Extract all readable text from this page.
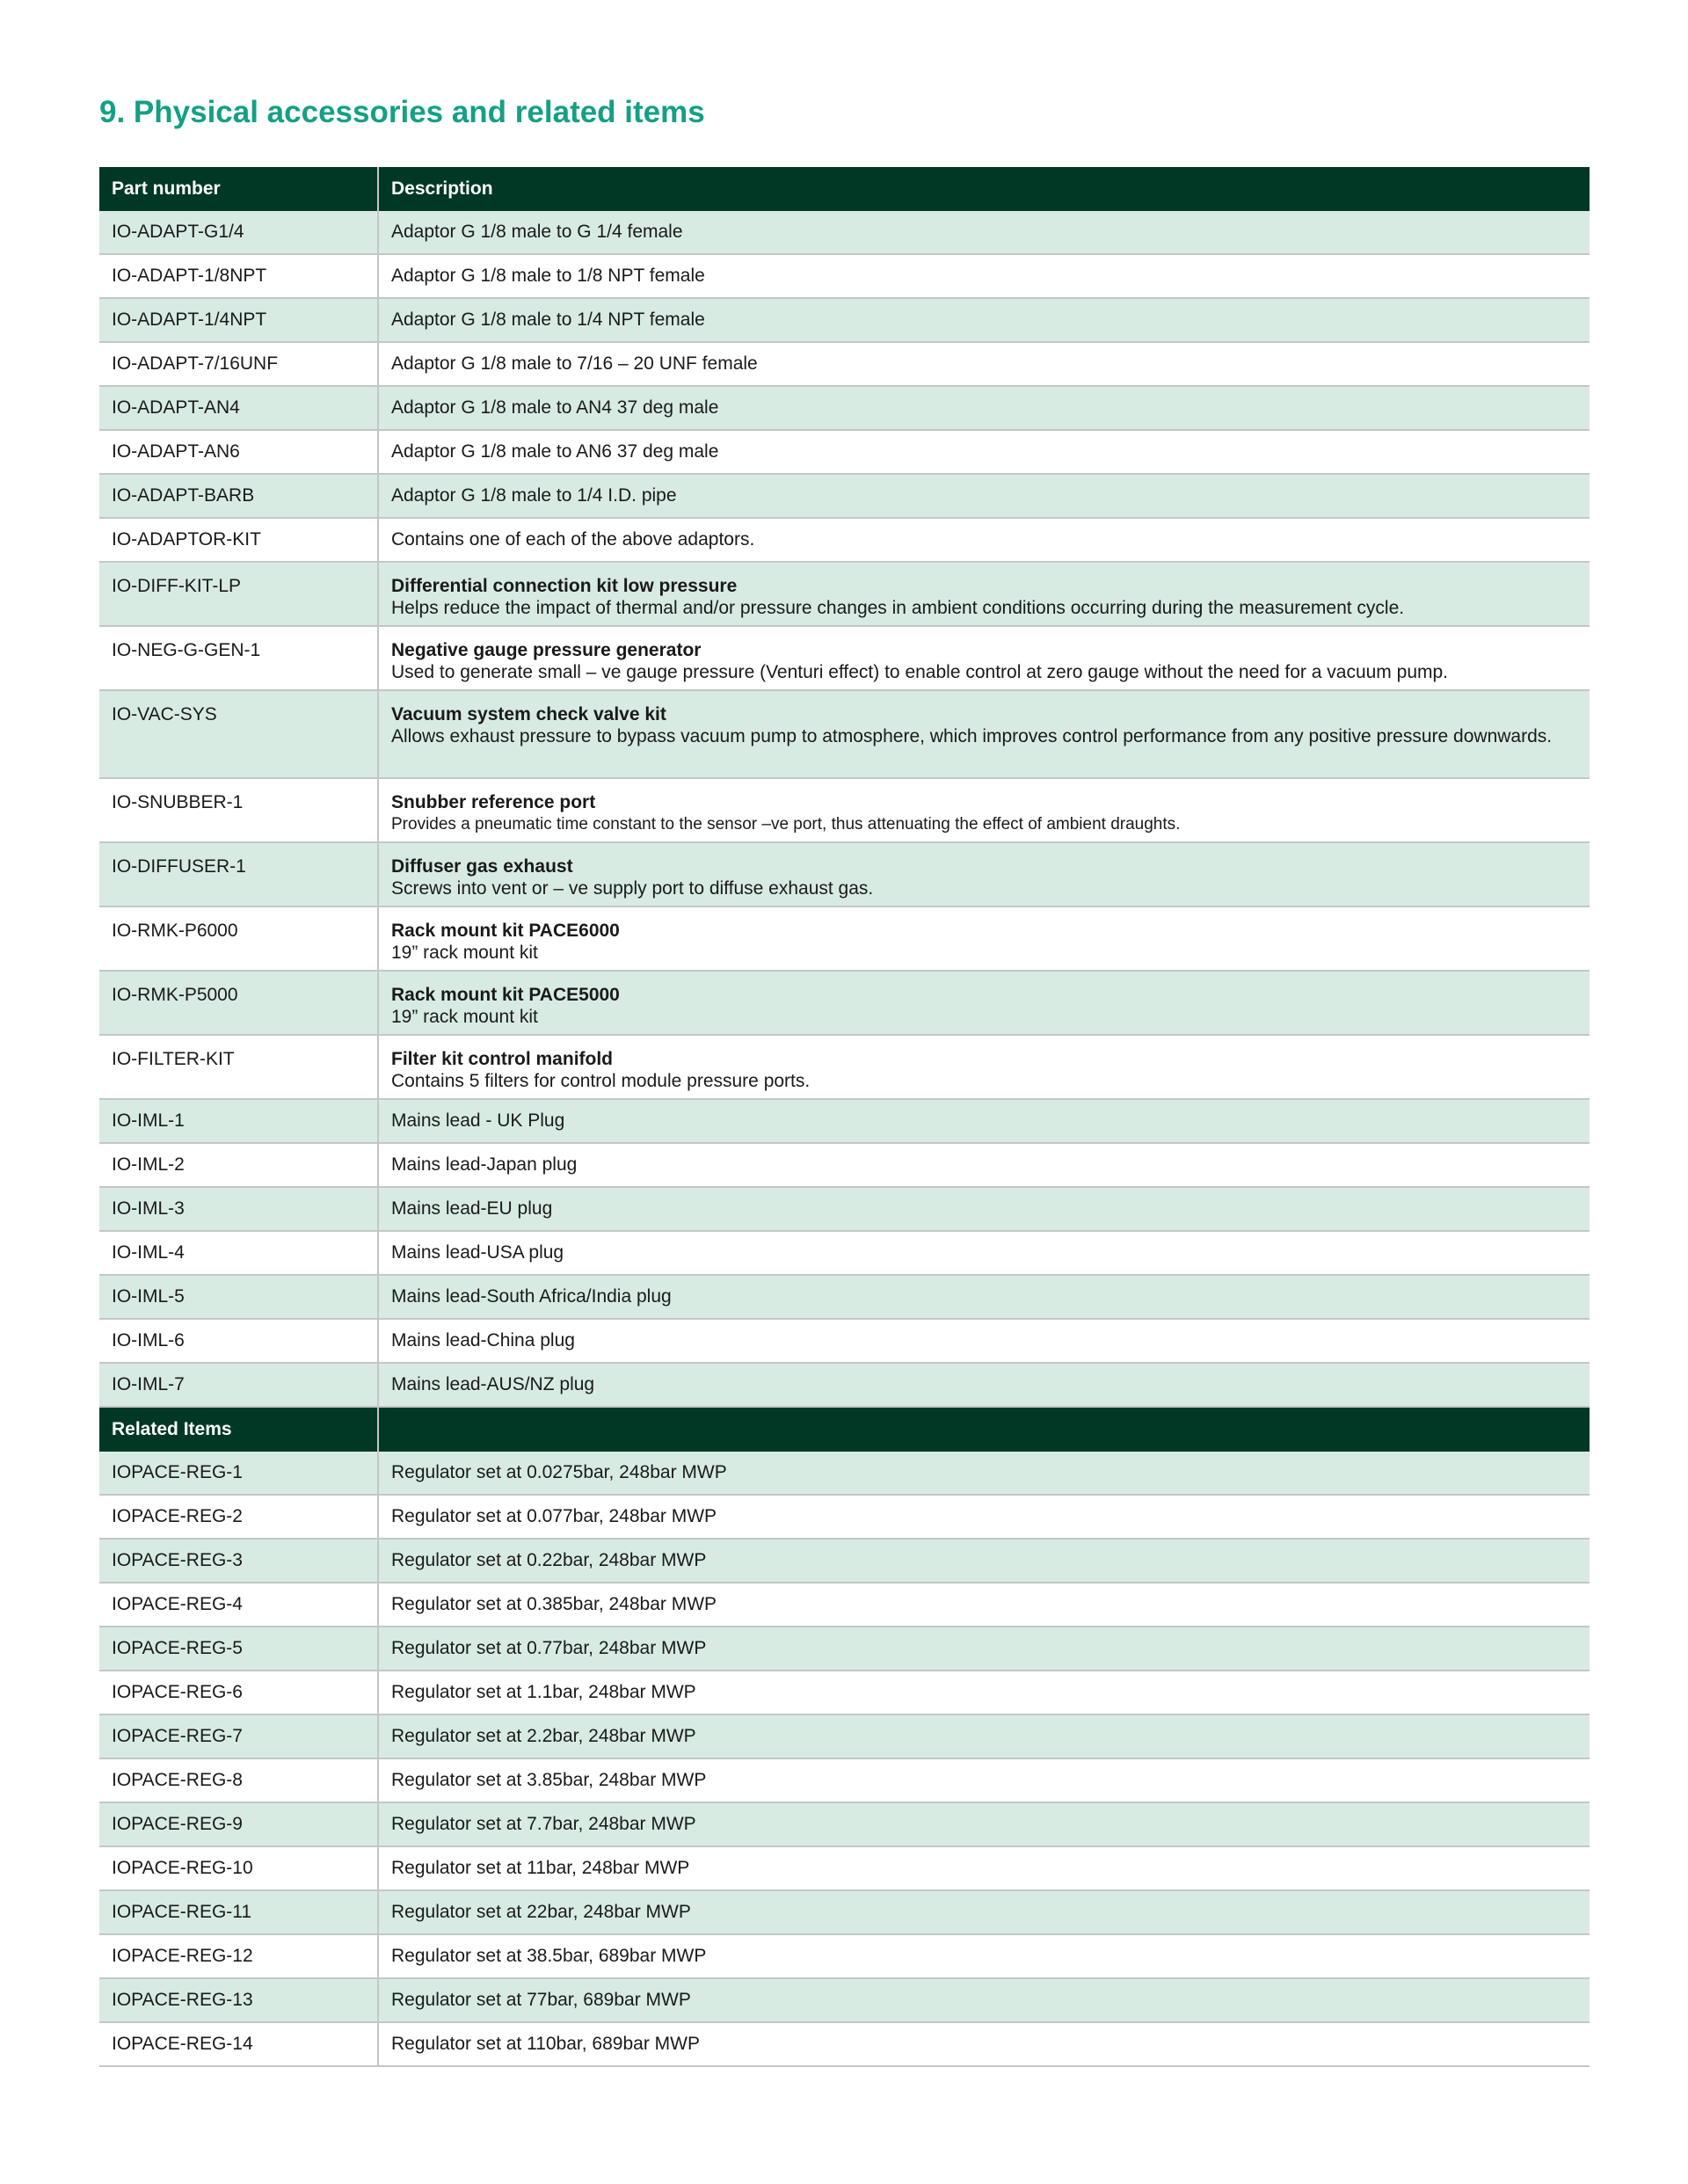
9. Physical accessories and related items
Part number	Description
IO-ADAPT-G1/4	Adaptor G 1/8 male to G 1/4 female
IO-ADAPT-1/8NPT	Adaptor G 1/8 male to 1/8 NPT female
IO-ADAPT-1/4NPT	Adaptor G 1/8 male to 1/4 NPT female
IO-ADAPT-7/16UNF	Adaptor G 1/8 male to 7/16 – 20 UNF female
IO-ADAPT-AN4	Adaptor G 1/8 male to AN4 37 deg male
IO-ADAPT-AN6	Adaptor G 1/8 male to AN6 37 deg male
IO-ADAPT-BARB	Adaptor G 1/8 male to 1/4 I.D. pipe
IO-ADAPTOR-KIT	Contains one of each of the above adaptors.
IO-DIFF-KIT-LP	Differential connection kit low pressure
Helps reduce the impact of thermal and/or pressure changes in ambient conditions occurring during the measurement cycle.

IO-NEG-G-GEN-1	Negative gauge pressure generator
Used to generate small – ve gauge pressure (Venturi effect) to enable control at zero gauge without the need for a vacuum pump.

IO-VAC-SYS	Vacuum system check valve kit
Allows exhaust pressure to bypass vacuum pump to atmosphere, which improves control performance from any positive pressure downwards.

IO-SNUBBER-1	Snubber reference port
Provides a pneumatic time constant to the sensor –ve port, thus attenuating the effect of ambient draughts.

IO-DIFFUSER-1	Diffuser gas exhaust
Screws into vent or – ve supply port to diffuse exhaust gas.

IO-RMK-P6000	Rack mount kit PACE6000
19” rack mount kit

IO-RMK-P5000	Rack mount kit PACE5000
19” rack mount kit

IO-FILTER-KIT	Filter kit control manifold
Contains 5 filters for control module pressure ports.

IO-IML-1	Mains lead - UK Plug
IO-IML-2	Mains lead-Japan plug
IO-IML-3	Mains lead-EU plug
IO-IML-4	Mains lead-USA plug
IO-IML-5	Mains lead-South Africa/India plug
IO-IML-6	Mains lead-China plug
IO-IML-7	Mains lead-AUS/NZ plug
Related Items	
IOPACE-REG-1	Regulator set at 0.0275bar, 248bar MWP
IOPACE-REG-2	Regulator set at 0.077bar, 248bar MWP
IOPACE-REG-3	Regulator set at 0.22bar, 248bar MWP
IOPACE-REG-4	Regulator set at 0.385bar, 248bar MWP
IOPACE-REG-5	Regulator set at 0.77bar, 248bar MWP
IOPACE-REG-6	Regulator set at 1.1bar, 248bar MWP
IOPACE-REG-7	Regulator set at 2.2bar, 248bar MWP
IOPACE-REG-8	Regulator set at 3.85bar, 248bar MWP
IOPACE-REG-9	Regulator set at 7.7bar, 248bar MWP
IOPACE-REG-10	Regulator set at 11bar, 248bar MWP
IOPACE-REG-11	Regulator set at 22bar, 248bar MWP
IOPACE-REG-12	Regulator set at 38.5bar, 689bar MWP
IOPACE-REG-13	Regulator set at 77bar, 689bar MWP
IOPACE-REG-14	Regulator set at 110bar, 689bar MWP
